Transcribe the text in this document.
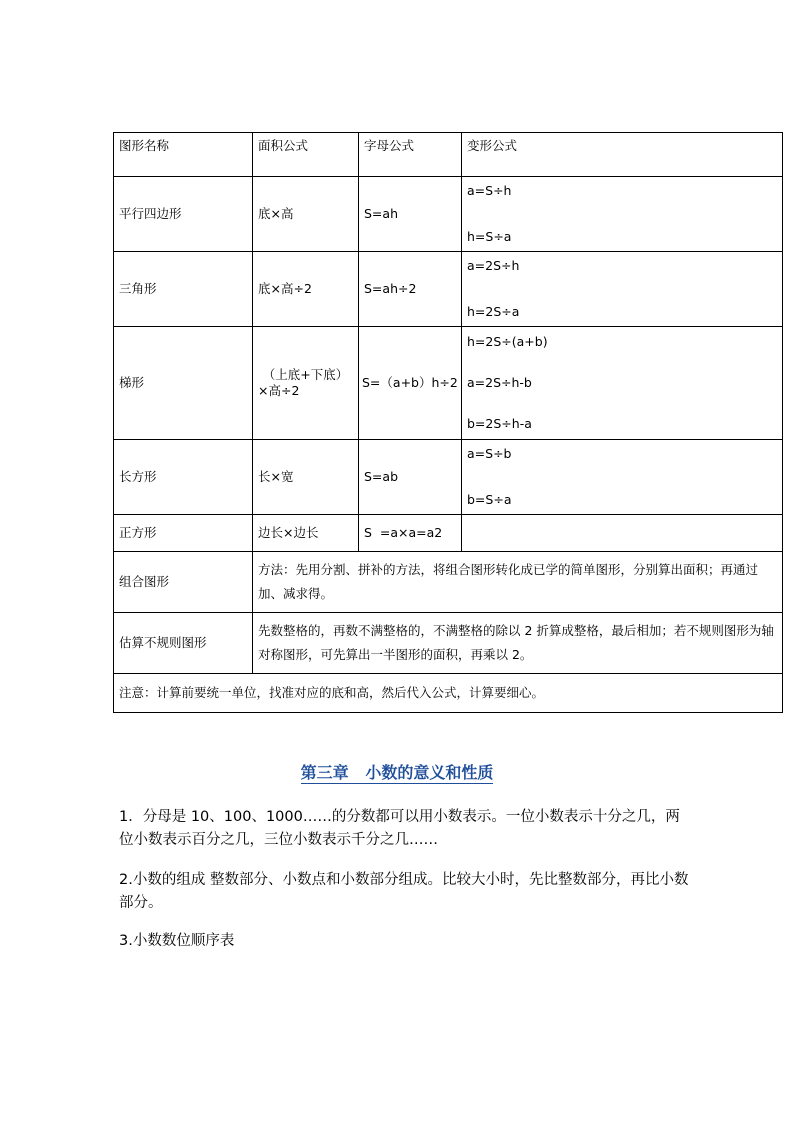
图形名称	面积公式	字母公式	变形公式
平行四边形	底×高	S=ah	a=S÷h
h=S÷a

三角形	底×高÷2	S=ah÷2	a=2S÷h
h=2S÷a

梯形	（上底+下底）
×高÷2	S=（a+b）h÷2	h=2S÷(a+b)
a=2S÷h-b
b=2S÷h-a

长方形	长×宽	S=ab	a=S÷b
b=S÷a

正方形	边长×边长	S  =a×a=a2	
组合图形	方法：先用分割、拼补的方法，将组合图形转化成已学的简单图形，分别算出面积；再通过加、减求得。		
估算不规则图形	先数整格的，再数不满整格的，不满整格的除以 2 折算成整格，最后相加；若不规则图形为轴对称图形，可先算出一半图形的面积，再乘以 2。		
注意：计算前要统一单位，找准对应的底和高，然后代入公式，计算要细心。			
第三章   小数的意义和性质
1．分母是 10、100、1000……的分数都可以用小数表示。一位小数表示十分之几，两位小数表示百分之几，三位小数表示千分之几……
2.小数的组成 整数部分、小数点和小数部分组成。比较大小时，先比整数部分，再比小数部分。
3.小数数位顺序表
